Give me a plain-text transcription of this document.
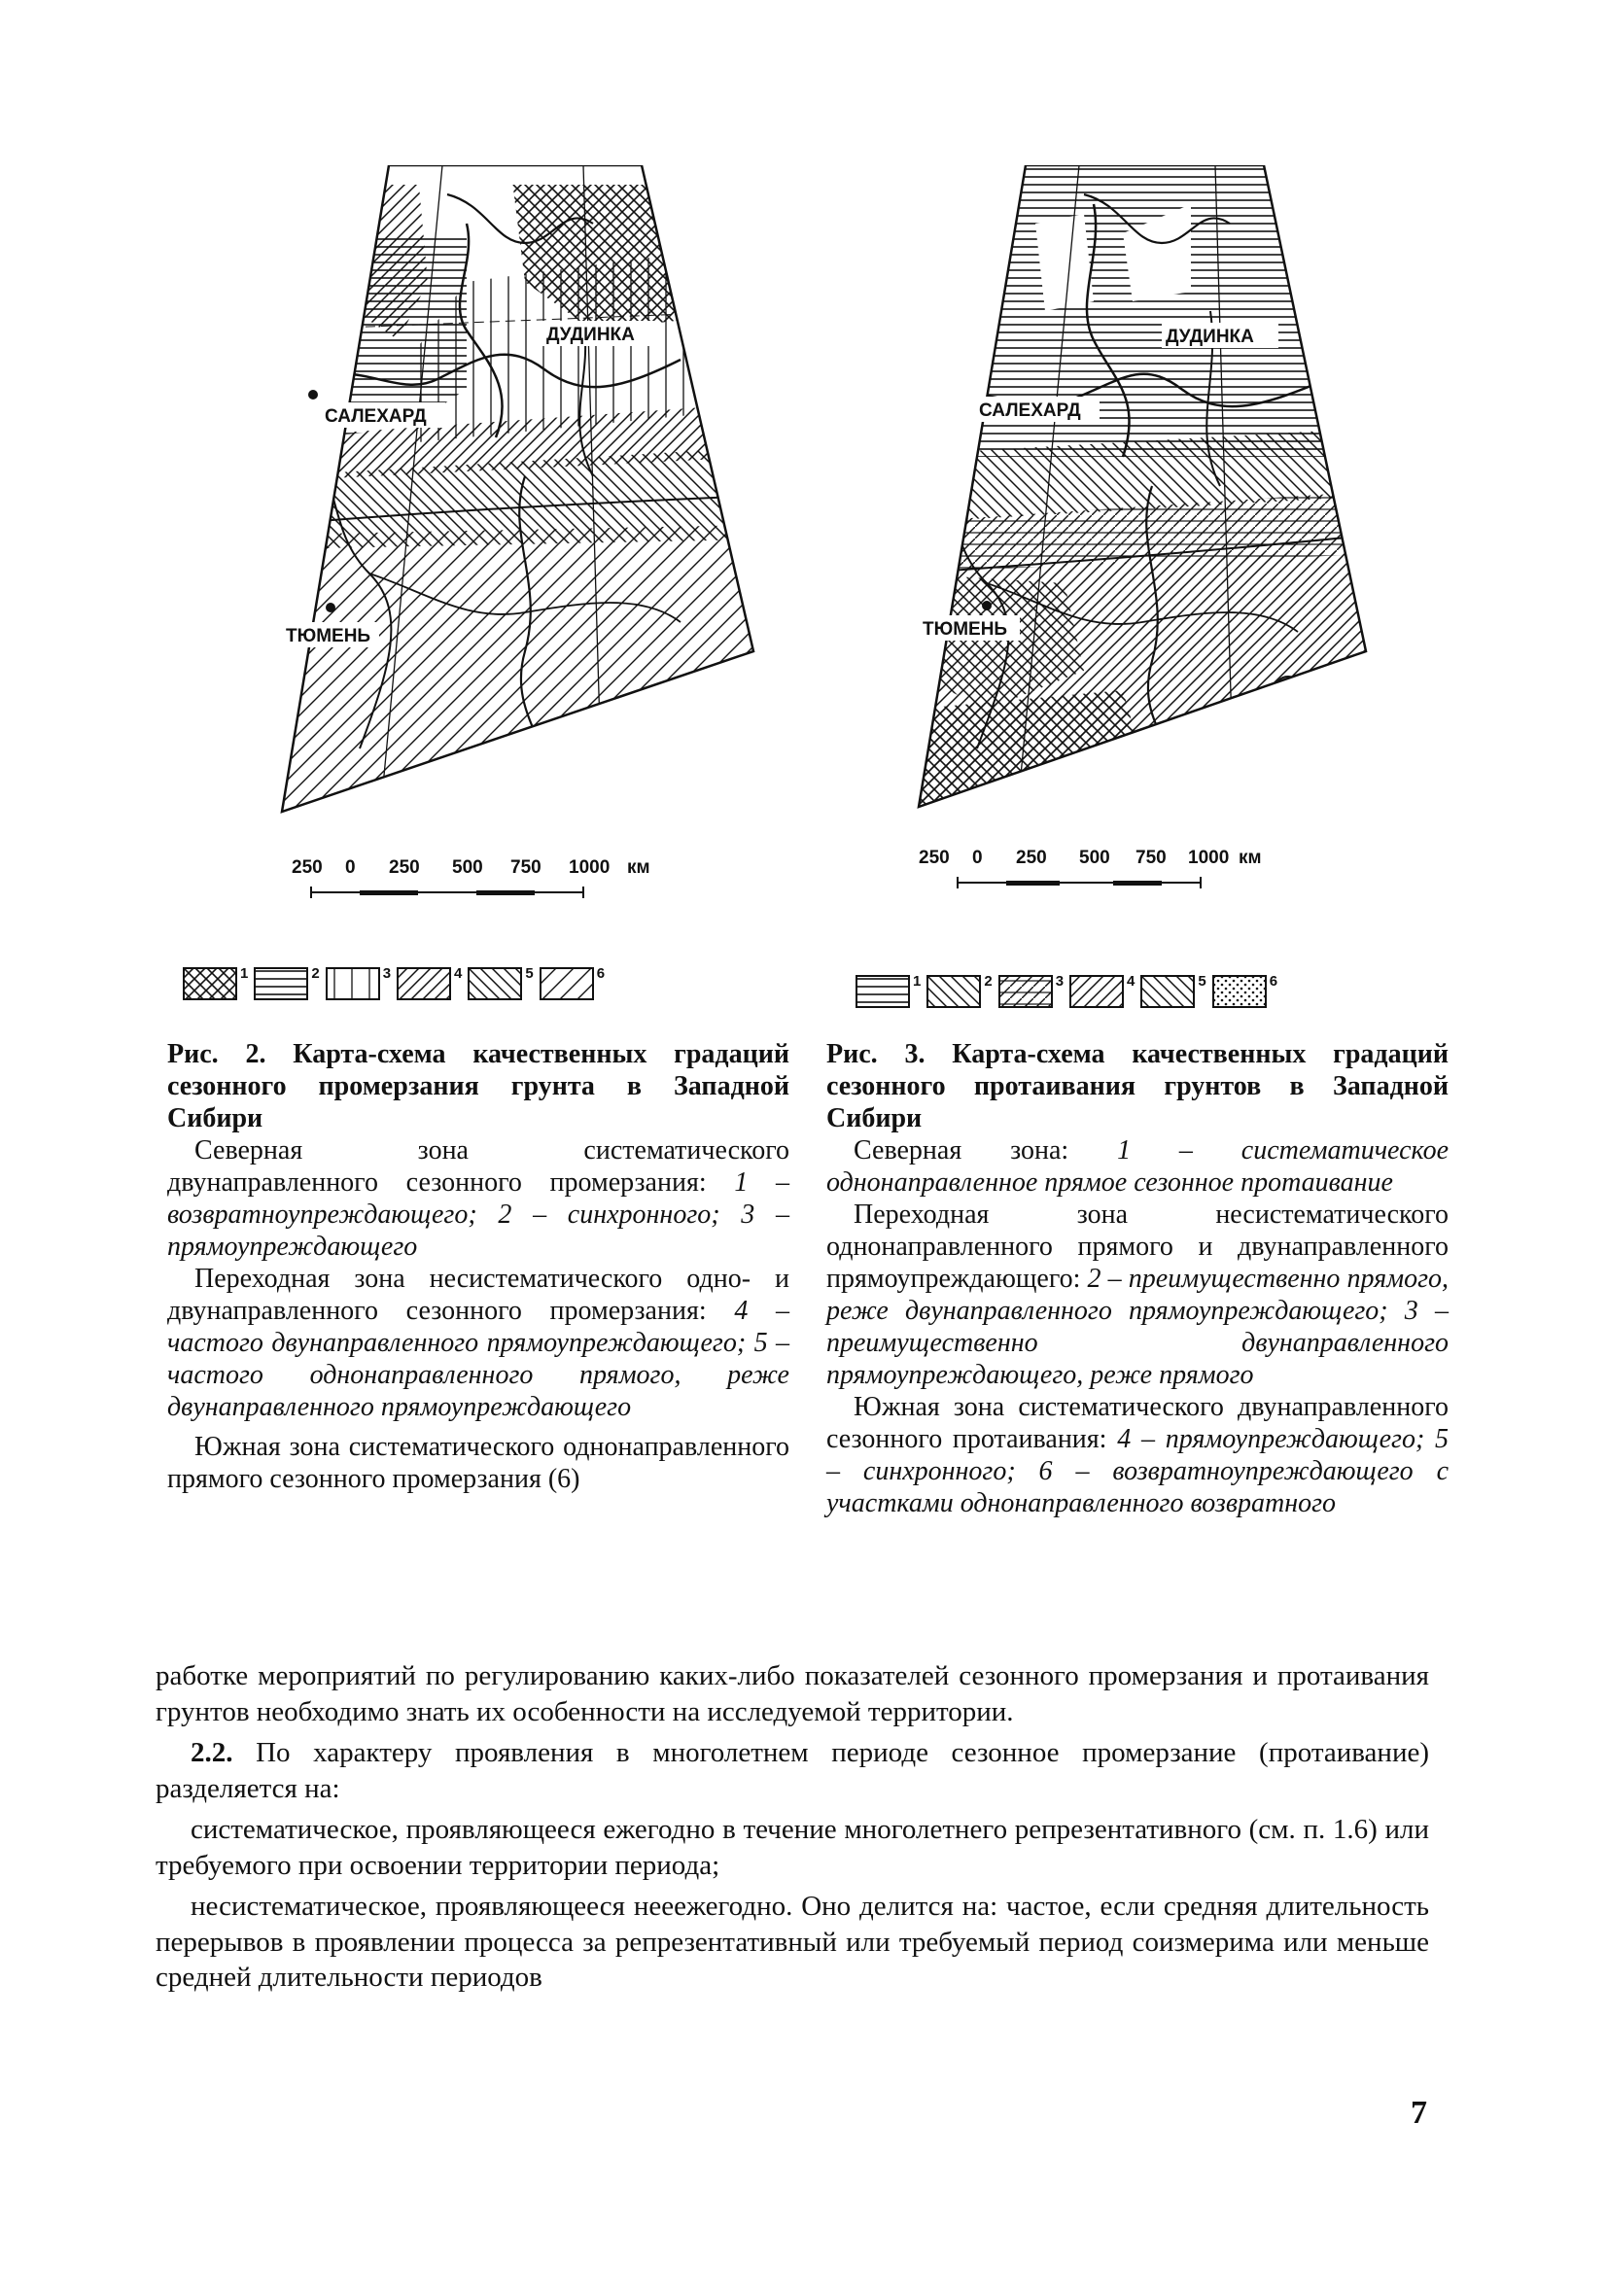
ДУДИНКА
САЛЕХАРД
ТЮМЕНЬ
250	0	250	500	750	1000 км
1	2	3	4	5	6
ДУДИНКА
САЛЕХАРД
ТЮМЕНЬ
250	0	250	500	750	1000 км
1	2	3	4	5	6

Рис. 2. Карта-схема качественных градаций сезонного промерзания грунта в Западной Сибири

Северная зона систематического двунаправленного сезонного промерзания: 1 – возвратноупреждающего; 2 – синхронного; 3 – прямоупреждающего

Переходная зона несистематического одно- и двунаправленного сезонного промерзания: 4 – частого двунаправленного прямоупреждающего; 5 – частого однонаправленного прямого, реже двунаправленного прямоупреждающего

Южная зона систематического однонаправленного прямого сезонного промерзания (6)

Рис. 3. Карта-схема качественных градаций сезонного протаивания грунтов в Западной Сибири

Северная зона: 1 – систематическое однонаправленное прямое сезонное протаивание

Переходная зона несистематического однонаправленного прямого и двунаправленного прямоупреждающего: 2 – преимущественно прямого, реже двунаправленного прямоупреждающего; 3 – преимущественно двунаправленного прямоупреждающего, реже прямого

Южная зона систематического двунаправленного сезонного протаивания: 4 – прямоупреждающего; 5 – синхронного; 6 – возвратноупреждающего с участками однонаправленного возвратного

работке мероприятий по регулированию каких-либо показателей сезонного промерзания и протаивания грунтов необходимо знать их особенности на исследуемой территории.

2.2. По характеру проявления в многолетнем периоде сезонное промерзание (протаивание) разделяется на:

систематическое, проявляющееся ежегодно в течение многолетнего репрезентативного (см. п. 1.6) или требуемого при освоении территории периода;

несистематическое, проявляющееся нееежегодно. Оно делится на: частое, если средняя длительность перерывов в проявлении процесса за репрезентативный или требуемый период соизмерима или меньше средней длительности периодов

7
